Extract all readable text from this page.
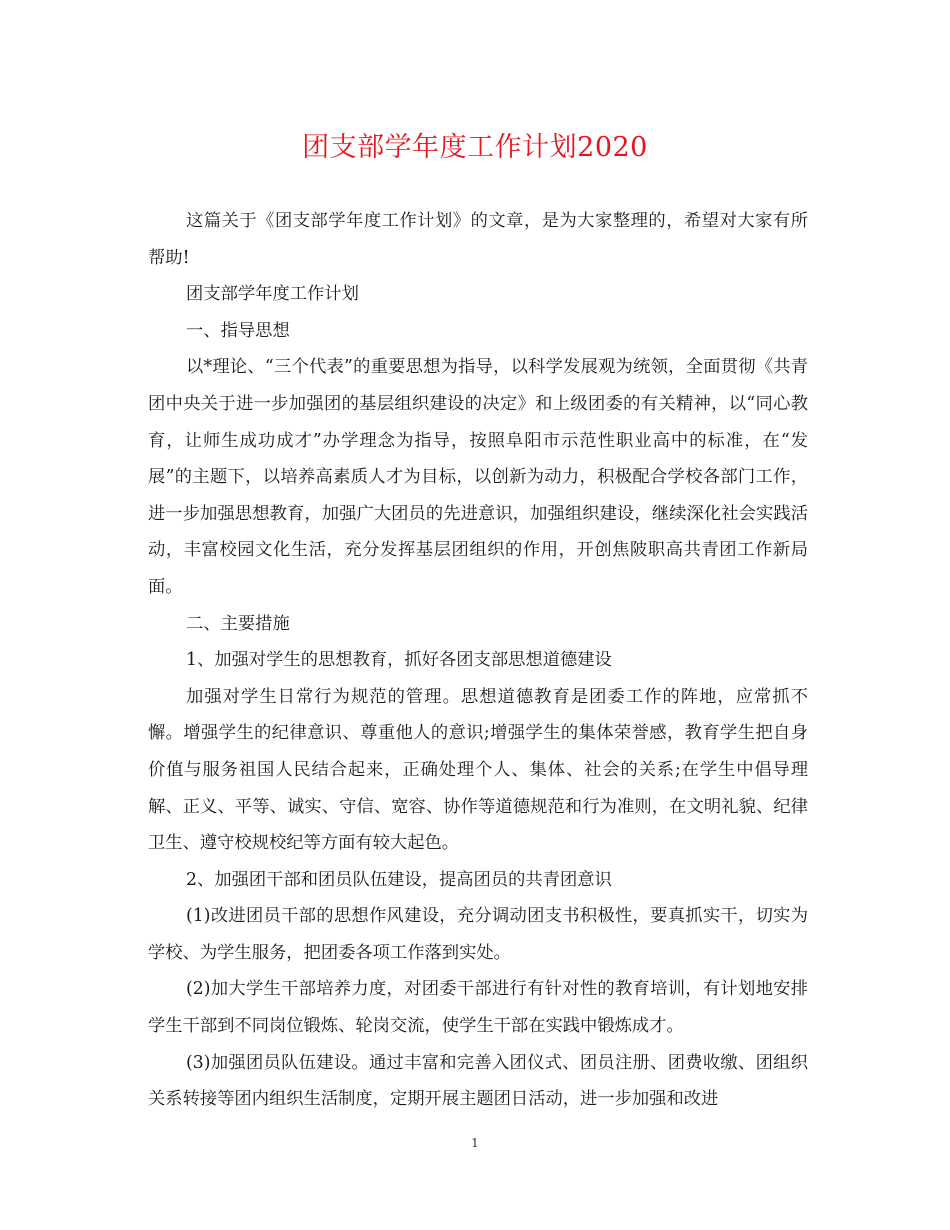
团支部学年度工作计划2020

这篇关于《团支部学年度工作计划》的文章，是为大家整理的，希望对大家有所帮助!

团支部学年度工作计划

一、指导思想

以*理论、“三个代表”的重要思想为指导，以科学发展观为统领，全面贯彻《共青团中央关于进一步加强团的基层组织建设的决定》和上级团委的有关精神，以“同心教育，让师生成功成才”办学理念为指导，按照阜阳市示范性职业高中的标准，在“发展”的主题下，以培养高素质人才为目标，以创新为动力，积极配合学校各部门工作，进一步加强思想教育，加强广大团员的先进意识，加强组织建设，继续深化社会实践活动，丰富校园文化生活，充分发挥基层团组织的作用，开创焦陂职高共青团工作新局面。

二、主要措施

1、加强对学生的思想教育，抓好各团支部思想道德建设

加强对学生日常行为规范的管理。思想道德教育是团委工作的阵地，应常抓不懈。增强学生的纪律意识、尊重他人的意识;增强学生的集体荣誉感，教育学生把自身价值与服务祖国人民结合起来，正确处理个人、集体、社会的关系;在学生中倡导理解、正义、平等、诚实、守信、宽容、协作等道德规范和行为准则，在文明礼貌、纪律卫生、遵守校规校纪等方面有较大起色。

2、加强团干部和团员队伍建设，提高团员的共青团意识

(1)改进团员干部的思想作风建设，充分调动团支书积极性，要真抓实干，切实为学校、为学生服务，把团委各项工作落到实处。

(2)加大学生干部培养力度，对团委干部进行有针对性的教育培训，有计划地安排学生干部到不同岗位锻炼、轮岗交流，使学生干部在实践中锻炼成才。

(3)加强团员队伍建设。通过丰富和完善入团仪式、团员注册、团费收缴、团组织关系转接等团内组织生活制度，定期开展主题团日活动，进一步加强和改进

1
